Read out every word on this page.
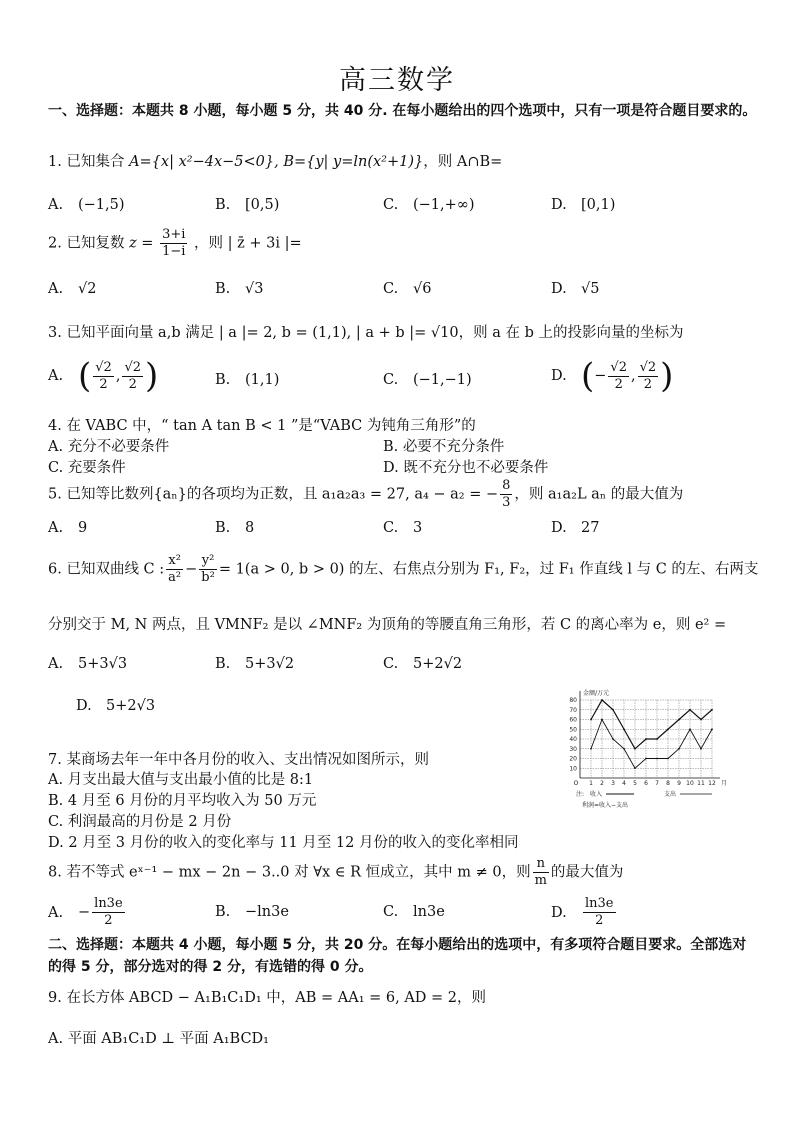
高三数学
一、选择题：本题共 8 小题，每小题 5 分，共 40 分. 在每小题给出的四个选项中，只有一项是符合题目要求的。
1. 已知集合 A={x| x²−4x−5<0}, B={y| y=ln(x²+1)}，则 A∩B=
A. (−1,5)	B. [0,5)	C. (−1,+∞)	D. [0,1)
2. 已知复数 $z = \frac{3+i}{1-i}$ ，则 | z̄ + 3i |=
A. √2	B. √3	C. √6	D. √5
3. 已知平面向量 a,b 满足 | a |= 2, b = (1,1), | a + b |= √10，则 a 在 b 上的投影向量的坐标为
A. ( $\frac{√2}{2}$ , $\frac{√2}{2}$ )	B. (1,1)	C. (−1,−1)	D. (− $\frac{√2}{2}$ , $\frac{√2}{2}$ )
4. 在 VABC 中，“ tan A tan B < 1 ”是“VABC 为钝角三角形”的
A. 充分不必要条件	B. 必要不充分条件
C. 充要条件	D. 既不充分也不必要条件
5. 已知等比数列{aₙ}的各项均为正数，且 a₁a₂a₃ = 27, a₄ − a₂ = − $\frac{8}{3}$ ，则 a₁a₂L aₙ 的最大值为
A. 9	B. 8	C. 3	D. 27
6. 已知双曲线 C : $\frac{\text{x²}}{\text{a²}} - \frac{\text{y²}}{\text{b²}} = 1(a > 0$, b > 0) 的左、右焦点分别为 F₁, F₂，过 F₁ 作直线 l 与 C 的左、右两支
分别交于 M, N 两点，且 VMNF₂ 是以 ∠MNF₂ 为顶角的等腰直角三角形，若 C 的离心率为 e，则 e² =
A. 5+3√3	B. 5+3√2	C. 5+2√2
D. 5+2√3
10
20
30
40
50
60
70
80
1 2 3 4 5 6 7 8 9 10 11 12
O	月
金额/万元
注: 收入	支出
利润=收入−支出
7. 某商场去年一年中各月份的收入、支出情况如图所示，则
A. 月支出最大值与支出最小值的比是 8:1
B. 4 月至 6 月份的月平均收入为 50 万元
C. 利润最高的月份是 2 月份
D. 2 月至 3 月份的收入的变化率与 11 月至 12 月份的收入的变化率相同
8. 若不等式 eˣ⁻¹ − mx − 2n − 3..0 对 ∀x ∈ R 恒成立，其中 m ≠ 0，则 $\frac{n}{m}$ 的最大值为
A. − $\frac{\ln 3e}{2}$	B. −ln3e	C. ln3e	D. $\frac{\ln 3e}{2}$
二、选择题：本题共 4 小题，每小题 5 分，共 20 分。在每小题给出的选项中，有多项符合题目要求。全部选对的得 5 分，部分选对的得 2 分，有选错的得 0 分。
9. 在长方体 ABCD − A₁B₁C₁D₁ 中，AB = AA₁ = 6, AD = 2，则
A. 平面 AB₁C₁D ⊥ 平面 A₁BCD₁
